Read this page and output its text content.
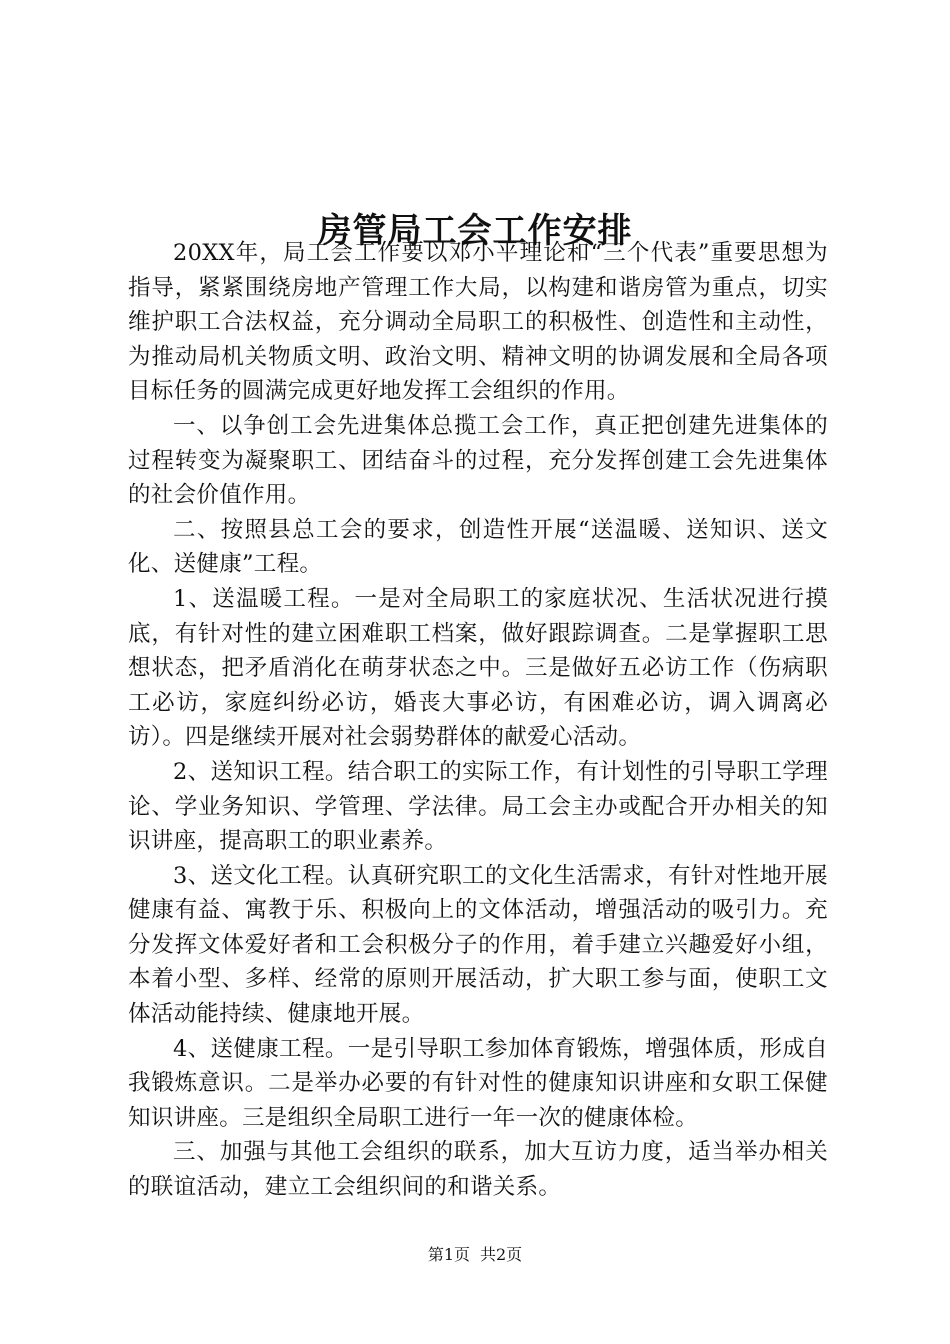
房管局工会工作安排

20XX年，局工会工作要以邓小平理论和“三个代表”重要思想为指导，紧紧围绕房地产管理工作大局，以构建和谐房管为重点，切实维护职工合法权益，充分调动全局职工的积极性、创造性和主动性，为推动局机关物质文明、政治文明、精神文明的协调发展和全局各项目标任务的圆满完成更好地发挥工会组织的作用。

一、以争创工会先进集体总揽工会工作，真正把创建先进集体的过程转变为凝聚职工、团结奋斗的过程，充分发挥创建工会先进集体的社会价值作用。

二、按照县总工会的要求，创造性开展“送温暖、送知识、送文化、送健康”工程。

1、送温暖工程。一是对全局职工的家庭状况、生活状况进行摸底，有针对性的建立困难职工档案，做好跟踪调查。二是掌握职工思想状态，把矛盾消化在萌芽状态之中。三是做好五必访工作（伤病职工必访，家庭纠纷必访，婚丧大事必访，有困难必访，调入调离必访）。四是继续开展对社会弱势群体的献爱心活动。

2、送知识工程。结合职工的实际工作，有计划性的引导职工学理论、学业务知识、学管理、学法律。局工会主办或配合开办相关的知识讲座，提高职工的职业素养。

3、送文化工程。认真研究职工的文化生活需求，有针对性地开展健康有益、寓教于乐、积极向上的文体活动，增强活动的吸引力。充分发挥文体爱好者和工会积极分子的作用，着手建立兴趣爱好小组，本着小型、多样、经常的原则开展活动，扩大职工参与面，使职工文体活动能持续、健康地开展。

4、送健康工程。一是引导职工参加体育锻炼，增强体质，形成自我锻炼意识。二是举办必要的有针对性的健康知识讲座和女职工保健知识讲座。三是组织全局职工进行一年一次的健康体检。

三、加强与其他工会组织的联系，加大互访力度，适当举办相关的联谊活动，建立工会组织间的和谐关系。

第1页 共2页
